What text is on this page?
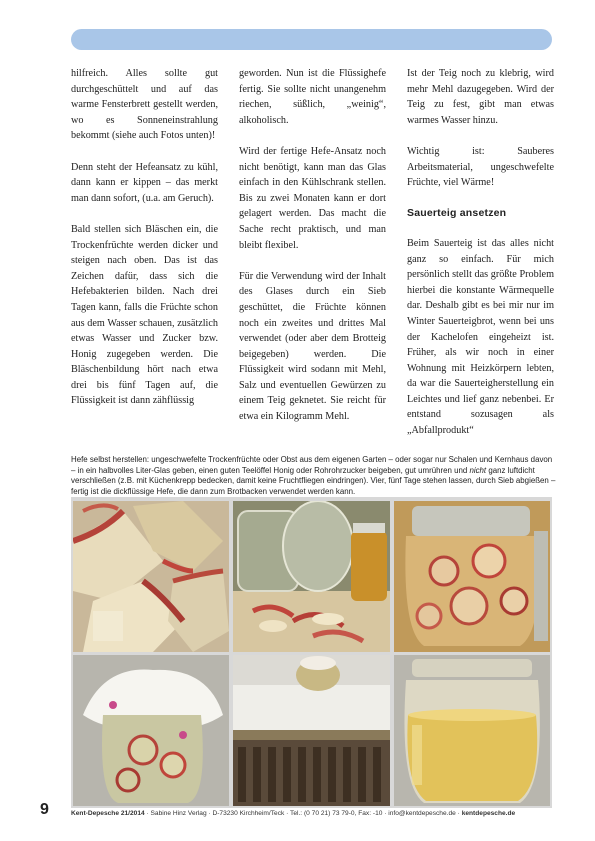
hilfreich. Alles sollte gut durchgeschüttelt und auf das warme Fensterbrett gestellt werden, wo es Sonneneinstrahlung bekommt (siehe auch Fotos unten)!

Denn steht der Hefeansatz zu kühl, dann kann er kippen – das merkt man dann sofort, (u.a. am Geruch).

Bald stellen sich Bläschen ein, die Trockenfrüchte werden dicker und steigen nach oben. Das ist das Zeichen dafür, dass sich die Hefebakterien bilden. Nach drei Tagen kann, falls die Früchte schon aus dem Wasser schauen, zusätzlich etwas Wasser und Zucker bzw. Honig zugegeben werden. Die Bläschenbildung hört nach etwa drei bis fünf Tagen auf, die Flüssigkeit ist dann zähflüssig

geworden. Nun ist die Flüssighefe fertig. Sie sollte nicht unangenehm riechen, süßlich, „weinig“, alkoholisch.

Wird der fertige Hefe-Ansatz noch nicht benötigt, kann man das Glas einfach in den Kühlschrank stellen. Bis zu zwei Monaten kann er dort gelagert werden. Das macht die Sache recht praktisch, und man bleibt flexibel.

Für die Verwendung wird der Inhalt des Glases durch ein Sieb geschüttet, die Früchte können noch ein zweites und drittes Mal verwendet (oder aber dem Brotteig beigegeben) werden. Die Flüssigkeit wird sodann mit Mehl, Salz und eventuellen Gewürzen zu einem Teig geknetet. Sie reicht für etwa ein Kilogramm Mehl.

Ist der Teig noch zu klebrig, wird mehr Mehl dazugegeben. Wird der Teig zu fest, gibt man etwas warmes Wasser hinzu.

Wichtig ist: Sauberes Arbeitsmaterial, ungeschwefelte Früchte, viel Wärme!

Sauerteig ansetzen

Beim Sauerteig ist das alles nicht ganz so einfach. Für mich persönlich stellt das größte Problem hierbei die konstante Wärmequelle dar. Deshalb gibt es bei mir nur im Winter Sauerteigbrot, wenn bei uns der Kachelofen eingeheizt ist. Früher, als wir noch in einer Wohnung mit Heizkörpern lebten, da war die Sauerteigherstellung ein Leichtes und lief ganz nebenbei. Er entstand sozusagen als „Abfallprodukt“

Hefe selbst herstellen: ungeschwefelte Trockenfrüchte oder Obst aus dem eigenen Garten – oder sogar nur Schalen und Kernhaus davon – in ein halbvolles Liter-Glas geben, einen guten Teelöffel Honig oder Rohrohrzucker beigeben, gut umrühren und nicht ganz luftdicht verschließen (z.B. mit Küchenkrepp bedecken, damit keine Fruchtfliegen eindringen). Vier, fünf Tage stehen lassen, durch Sieb abgießen – fertig ist die dickflüssige Hefe, die dann zum Brotbacken verwendet werden kann.
9	Kent-Depesche 21/2014 · Sabine Hinz Verlag · D-73230 Kirchheim/Teck · Tel.: (0 70 21) 73 79-0, Fax: -10 · info@kentdepesche.de · kentdepesche.de
